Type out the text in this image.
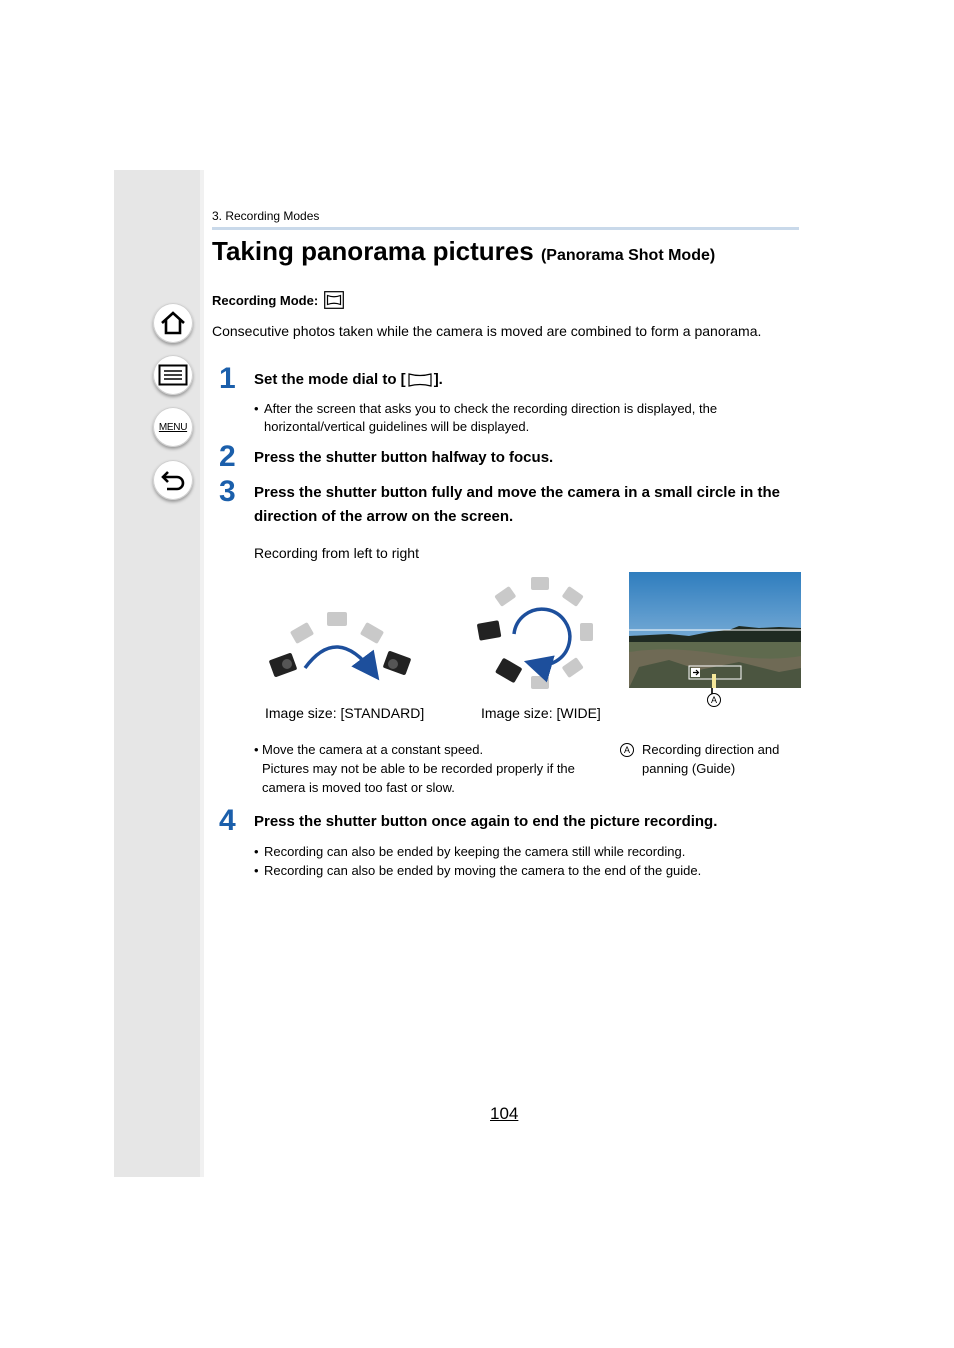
MENU
3. Recording Modes
Taking panorama pictures (Panorama Shot Mode)
Recording Mode:
Consecutive photos taken while the camera is moved are combined to form a panorama.
1 Set the mode dial to [ ].
• After the screen that asks you to check the recording direction is displayed, the horizontal/vertical guidelines will be displayed.
2 Press the shutter button halfway to focus.
3 Press the shutter button fully and move the camera in a small circle in the direction of the arrow on the screen.
Recording from left to right
A
Image size: [STANDARD]	Image size: [WIDE]
• Move the camera at a constant speed.
Pictures may not be able to be recorded properly if the camera is moved too fast or slow.
A Recording direction and panning (Guide)
4 Press the shutter button once again to end the picture recording.
• Recording can also be ended by keeping the camera still while recording.
• Recording can also be ended by moving the camera to the end of the guide.
104
